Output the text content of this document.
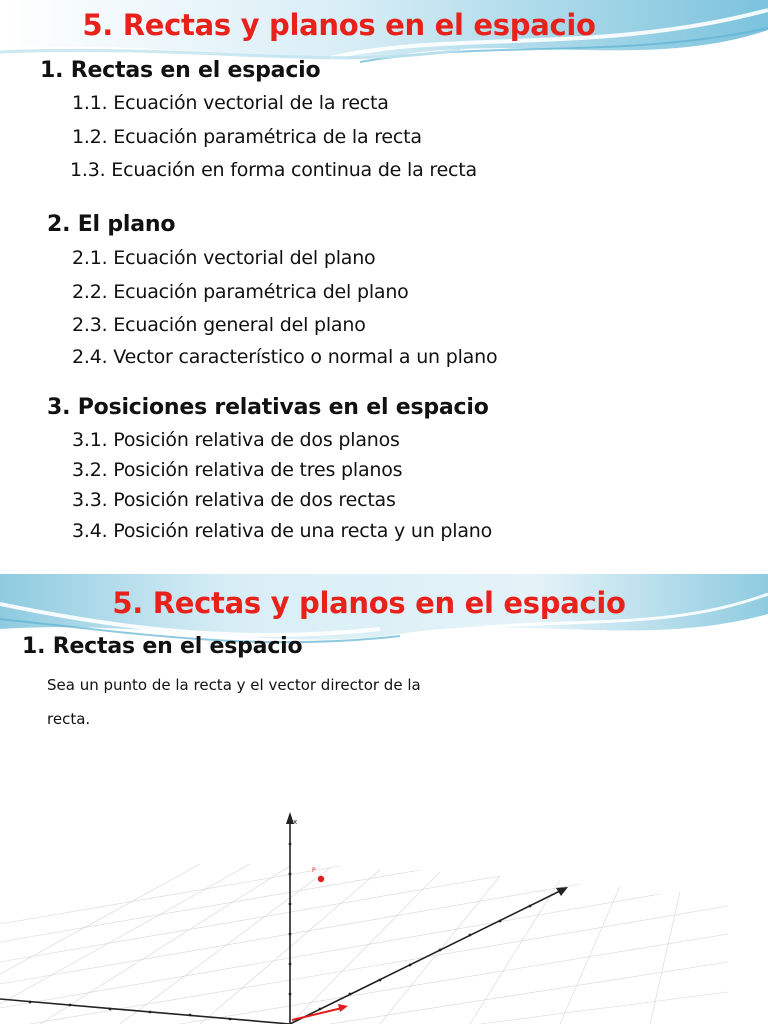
5. Rectas y planos en el espacio

1. Rectas en el espacio

1.1. Ecuación vectorial de la recta

1.2. Ecuación paramétrica de la recta

1.3. Ecuación en forma continua de la recta

2. El plano

2.1. Ecuación vectorial del plano

2.2. Ecuación paramétrica del plano

2.3. Ecuación general del plano

2.4. Vector característico o normal a un plano

3. Posiciones relativas en el espacio

3.1. Posición relativa de dos planos

3.2. Posición relativa de tres planos

3.3. Posición relativa de dos rectas

3.4. Posición relativa de una recta y un plano

5. Rectas y planos en el espacio

1. Rectas en el espacio

Sea un punto de la recta y el vector director de la

recta.

x
P
